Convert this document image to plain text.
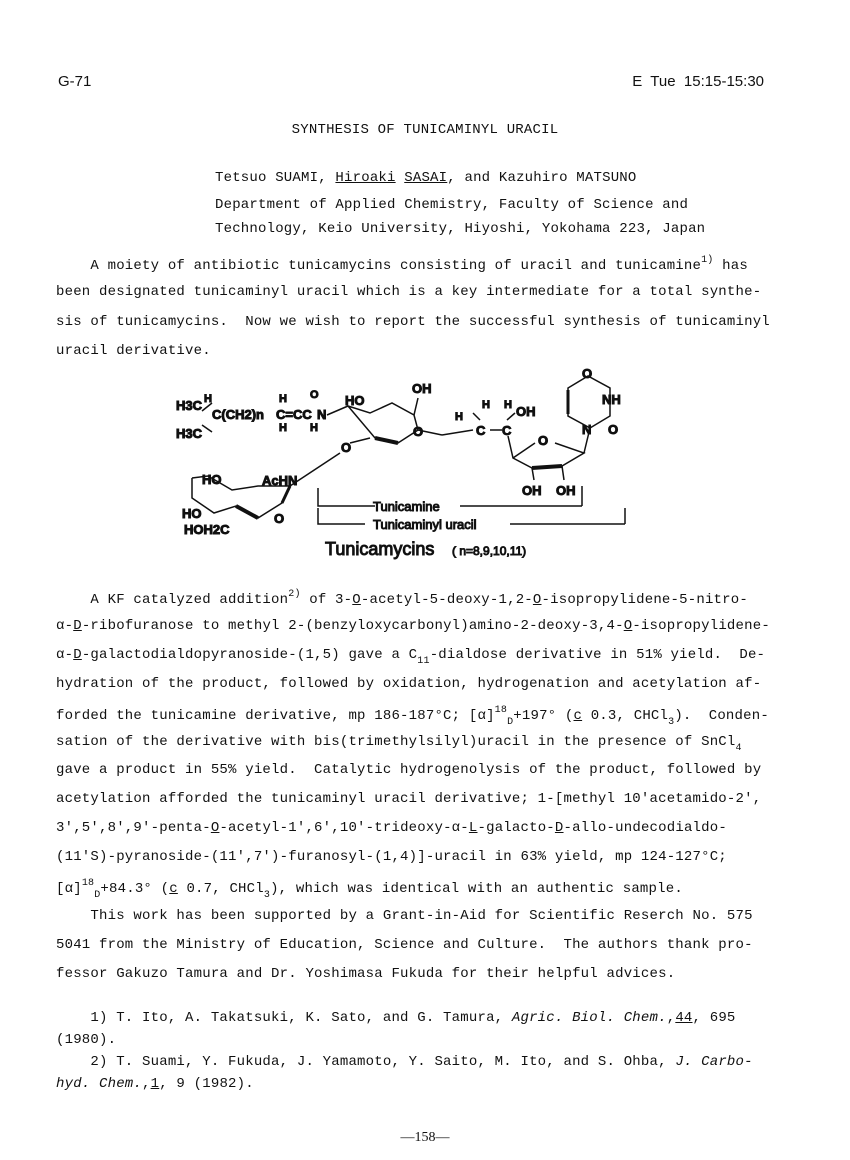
G-71	E  Tue  15:15-15:30
SYNTHESIS OF TUNICAMINYL URACIL
Tetsuo SUAMI, Hiroaki SASAI, and Kazuhiro MATSUNO
Department of Applied Chemistry, Faculty of Science and
Technology, Keio University, Hiyoshi, Yokohama 223, Japan
A moiety of antibiotic tunicamycins consisting of uracil and tunicamine$^{1)}$ has
been designated tunicaminyl uracil which is a key intermediate for a total synthe-
sis of tunicamycins.  Now we wish to report the successful synthesis of tunicaminyl
uracil derivative.
H3C H
C(CH2)n
H3C
H O
H H
C=CC N
HO
OH
O
O
H
H H
C C
OH
O
OH OH
O
NH
N O
HO	AcHN
HO
HOH2C
O
Tunicamine
Tunicaminyl uracil
Tunicamycins ( n=8,9,10,11)
A KF catalyzed addition$^{2)}$ of 3-O-acetyl-5-deoxy-1,2-O-isopropylidene-5-nitro-
α-D-ribofuranose to methyl 2-(benzyloxycarbonyl)amino-2-deoxy-3,4-O-isopropylidene-
α-D-galactodialdopyranoside-(1,5) gave a $C_{11}$-dialdose derivative in 51% yield.  De-
hydration of the product, followed by oxidation, hydrogenation and acetylation af-
forded the tunicamine derivative, mp 186-187°C; $[\alpha]^{18}_D+197^\circ$ (c 0.3, CHCl$_3$).  Conden-
sation of the derivative with bis(trimethylsilyl)uracil in the presence of SnCl$_4$
gave a product in 55% yield.  Catalytic hydrogenolysis of the product, followed by
acetylation afforded the tunicaminyl uracil derivative; 1-[methyl 10'acetamido-2',
3',5',8',9'-penta-O-acetyl-1',6',10'-trideoxy-α-L-galacto-D-allo-undecodialdo-
(11'S)-pyranoside-(11',7')-furanosyl-(1,4)]-uracil in 63% yield, mp 124-127°C;
$[\alpha]^{18}_D+84.3^\circ$ (c 0.7, CHCl$_3$), which was identical with an authentic sample.
This work has been supported by a Grant-in-Aid for Scientific Reserch No. 575
5041 from the Ministry of Education, Science and Culture.  The authors thank pro-
fessor Gakuzo Tamura and Dr. Yoshimasa Fukuda for their helpful advices.
1) T. Ito, A. Takatsuki, K. Sato, and G. Tamura, Agric. Biol. Chem.,44, 695
(1980).
2) T. Suami, Y. Fukuda, J. Yamamoto, Y. Saito, M. Ito, and S. Ohba, J. Carbo-
hyd. Chem.,1, 9 (1982).
—158—
